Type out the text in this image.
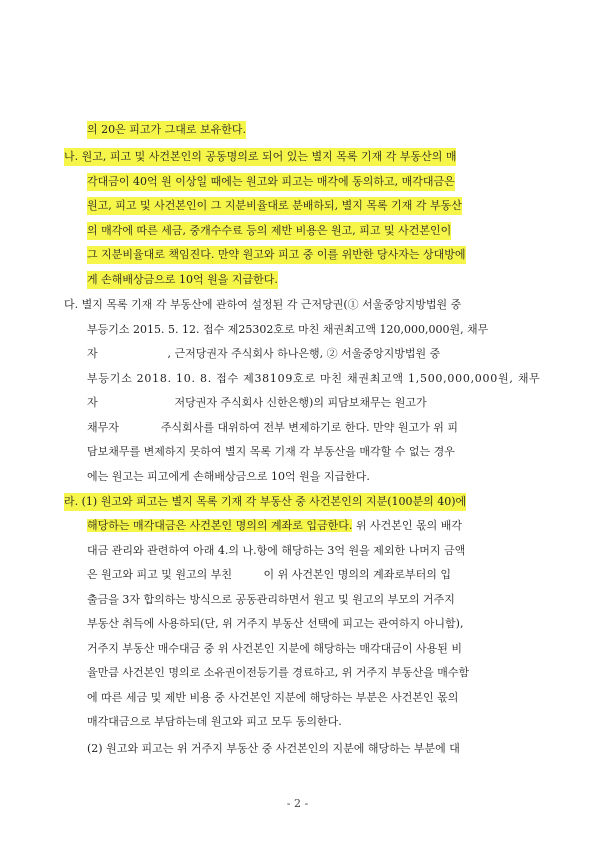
의 20은 피고가 그대로 보유한다.
나. 원고, 피고 및 사건본인의 공동명의로 되어 있는 별지 목록 기재 각 부동산의 매
각대금이 40억 원 이상일 때에는 원고와 피고는 매각에 동의하고, 매각대금은
원고, 피고 및 사건본인이 그 지분비율대로 분배하되, 별지 목록 기재 각 부동산
의 매각에 따른 세금, 중개수수료 등의 제반 비용은 원고, 피고 및 사건본인이
그 지분비율대로 책임진다. 만약 원고와 피고 중 이를 위반한 당사자는 상대방에
게 손해배상금으로 10억 원을 지급한다.
다. 별지 목록 기재 각 부동산에 관하여 설정된 각 근저당권(① 서울중앙지방법원 중
부등기소 2015. 5. 12. 접수 제25302호로 마친 채권최고액 120,000,000원, 채무
자                    , 근저당권자 주식회사 하나은행, ② 서울중앙지방법원 중
부등기소 2018. 10. 8. 접수 제38109호로 마친 채권최고액 1,500,000,000원, 채무
자                      저당권자 주식회사 신한은행)의 피담보채무는 원고가
채무자            주식회사를 대위하여 전부 변제하기로 한다. 만약 원고가 위 피
담보채무를 변제하지 못하여 별지 목록 기재 각 부동산을 매각할 수 없는 경우
에는 원고는 피고에게 손해배상금으로 10억 원을 지급한다.
라. (1) 원고와 피고는 별지 목록 기재 각 부동산 중 사건본인의 지분(100분의 40)에
해당하는 매각대금은 사건본인 명의의 계좌로 입금한다. 위 사건본인 몫의 배각
대금 관리와 관련하여 아래 4.의 나.항에 해당하는 3억 원을 제외한 나머지 금액
은 원고와 피고 및 원고의 부친         이 위 사건본인 명의의 계좌로부터의 입
출금을 3자 합의하는 방식으로 공동관리하면서 원고 및 원고의 부모의 거주지
부동산 취득에 사용하되(단, 위 거주지 부동산 선택에 피고는 관여하지 아니함),
거주지 부동산 매수대금 중 위 사건본인 지분에 해당하는 매각대금이 사용된 비
율만큼 사건본인 명의로 소유권이전등기를 경료하고, 위 거주지 부동산을 매수함
에 따른 세금 및 제반 비용 중 사건본인 지분에 해당하는 부분은 사건본인 몫의
매각대금으로 부담하는데 원고와 피고 모두 동의한다.
(2) 원고와 피고는 위 거주지 부동산 중 사건본인의 지분에 해당하는 부분에 대
- 2 -
